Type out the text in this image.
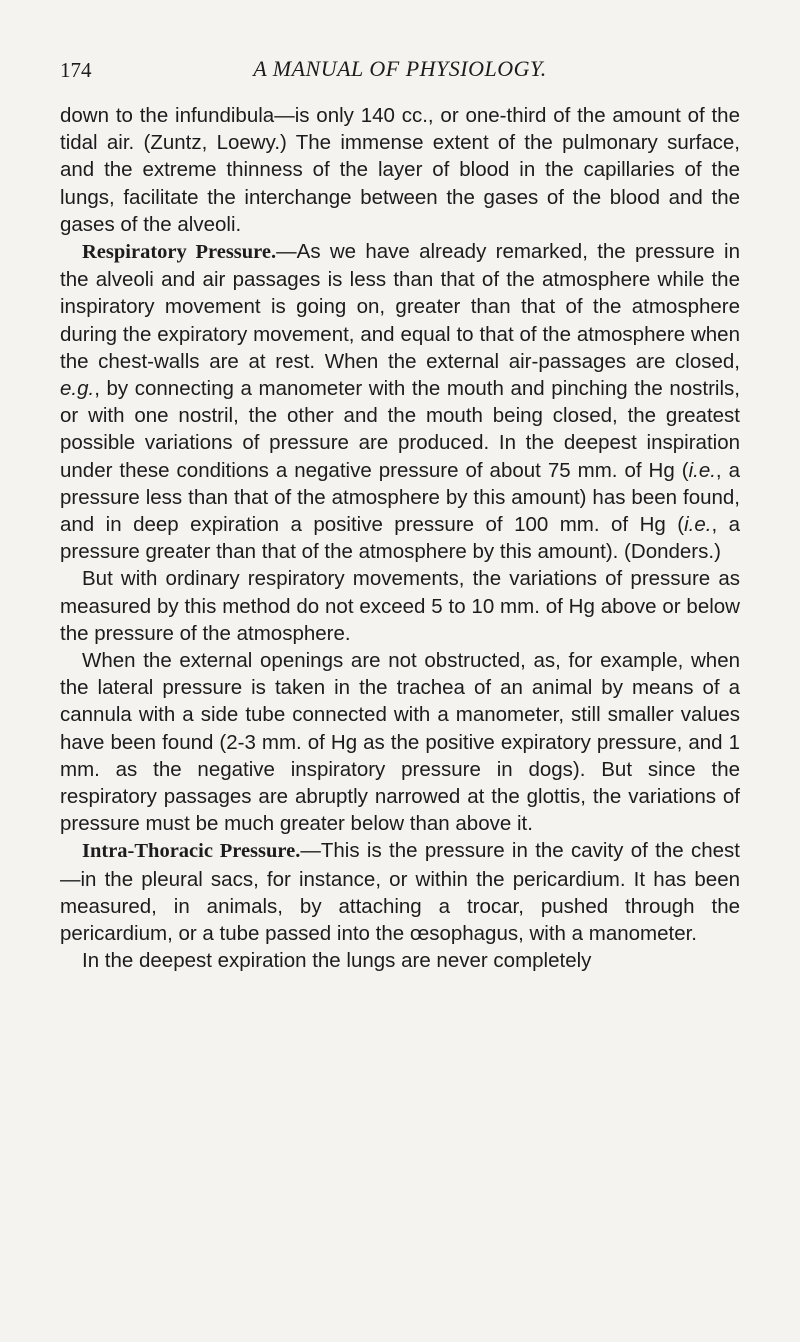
174	A MANUAL OF PHYSIOLOGY.

down to the infundibula—is only 140 cc., or one-third of the amount of the tidal air. (Zuntz, Loewy.) The immense extent of the pulmonary surface, and the extreme thinness of the layer of blood in the capillaries of the lungs, facilitate the interchange between the gases of the blood and the gases of the alveoli.

Respiratory Pressure.—As we have already remarked, the pressure in the alveoli and air passages is less than that of the atmosphere while the inspiratory movement is going on, greater than that of the atmosphere during the expiratory movement, and equal to that of the atmosphere when the chest-walls are at rest. When the external air-passages are closed, e.g., by connecting a manometer with the mouth and pinching the nostrils, or with one nostril, the other and the mouth being closed, the greatest possible variations of pressure are produced. In the deepest inspiration under these conditions a negative pressure of about 75 mm. of Hg (i.e., a pressure less than that of the atmosphere by this amount) has been found, and in deep expiration a positive pressure of 100 mm. of Hg (i.e., a pressure greater than that of the atmosphere by this amount). (Donders.)

But with ordinary respiratory movements, the variations of pressure as measured by this method do not exceed 5 to 10 mm. of Hg above or below the pressure of the atmosphere.

When the external openings are not obstructed, as, for example, when the lateral pressure is taken in the trachea of an animal by means of a cannula with a side tube connected with a manometer, still smaller values have been found (2-3 mm. of Hg as the positive expiratory pressure, and 1 mm. as the negative inspiratory pressure in dogs). But since the respiratory passages are abruptly narrowed at the glottis, the variations of pressure must be much greater below than above it.

Intra-Thoracic Pressure.—This is the pressure in the cavity of the chest—in the pleural sacs, for instance, or within the pericardium. It has been measured, in animals, by attaching a trocar, pushed through the pericardium, or a tube passed into the œsophagus, with a manometer.

In the deepest expiration the lungs are never completely
